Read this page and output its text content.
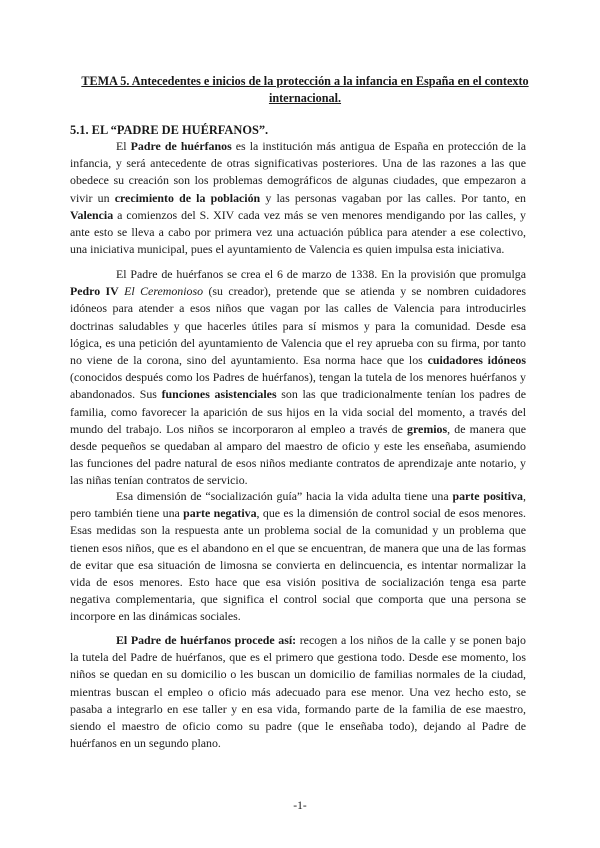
TEMA 5. Antecedentes e inicios de la protección a la infancia en España en el contexto internacional.
5.1. EL “PADRE DE HUÉRFANOS”.

El Padre de huérfanos es la institución más antigua de España en protección de la infancia, y será antecedente de otras significativas posteriores. Una de las razones a las que obedece su creación son los problemas demográficos de algunas ciudades, que empezaron a vivir un crecimiento de la población y las personas vagaban por las calles. Por tanto, en Valencia a comienzos del S. XIV cada vez más se ven menores mendigando por las calles, y ante esto se lleva a cabo por primera vez una actuación pública para atender a ese colectivo, una iniciativa municipal, pues el ayuntamiento de Valencia es quien impulsa esta iniciativa.

El Padre de huérfanos se crea el 6 de marzo de 1338. En la provisión que promulga Pedro IV El Ceremonioso (su creador), pretende que se atienda y se nombren cuidadores idóneos para atender a esos niños que vagan por las calles de Valencia para introducirles doctrinas saludables y que hacerles útiles para sí mismos y para la comunidad. Desde esa lógica, es una petición del ayuntamiento de Valencia que el rey aprueba con su firma, por tanto no viene de la corona, sino del ayuntamiento. Esa norma hace que los cuidadores idóneos (conocidos después como los Padres de huérfanos), tengan la tutela de los menores huérfanos y abandonados. Sus funciones asistenciales son las que tradicionalmente tenían los padres de familia, como favorecer la aparición de sus hijos en la vida social del momento, a través del mundo del trabajo. Los niños se incorporaron al empleo a través de gremios, de manera que desde pequeños se quedaban al amparo del maestro de oficio y este les enseñaba, asumiendo las funciones del padre natural de esos niños mediante contratos de aprendizaje ante notario, y las niñas tenían contratos de servicio.

Esa dimensión de “socialización guía” hacia la vida adulta tiene una parte positiva, pero también tiene una parte negativa, que es la dimensión de control social de esos menores. Esas medidas son la respuesta ante un problema social de la comunidad y un problema que tienen esos niños, que es el abandono en el que se encuentran, de manera que una de las formas de evitar que esa situación de limosna se convierta en delincuencia, es intentar normalizar la vida de esos menores. Esto hace que esa visión positiva de socialización tenga esa parte negativa complementaria, que significa el control social que comporta que una persona se incorpore en las dinámicas sociales.

El Padre de huérfanos procede así: recogen a los niños de la calle y se ponen bajo la tutela del Padre de huérfanos, que es el primero que gestiona todo. Desde ese momento, los niños se quedan en su domicilio o les buscan un domicilio de familias normales de la ciudad, mientras buscan el empleo o oficio más adecuado para ese menor. Una vez hecho esto, se pasaba a integrarlo en ese taller y en esa vida, formando parte de la familia de ese maestro, siendo el maestro de oficio como su padre (que le enseñaba todo), dejando al Padre de huérfanos en un segundo plano.

-1-
